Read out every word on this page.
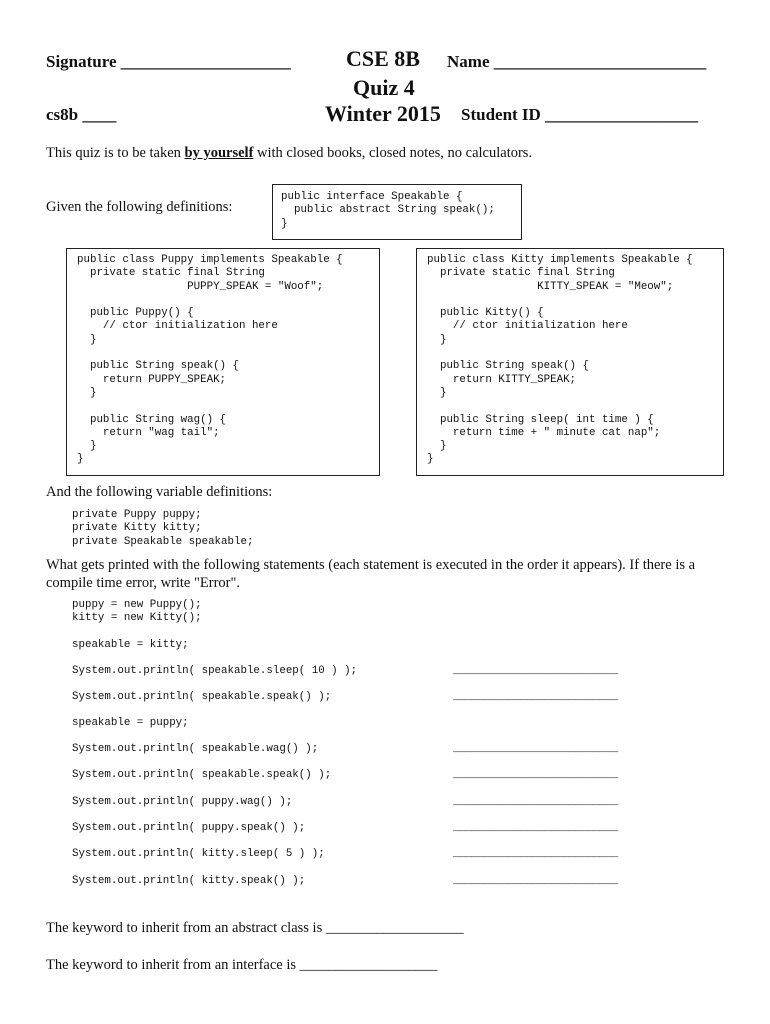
Signature ____________________
cs8b ____
CSE 8B
Quiz 4
Winter 2015
Name _________________________
Student ID __________________
This quiz is to be taken by yourself with closed books, closed notes, no calculators.
Given the following definitions:
public interface Speakable {
public abstract String speak();
}
public class Puppy implements Speakable {
private static final String
PUPPY_SPEAK = "Woof";

public Puppy() {
// ctor initialization here
}

public String speak() {
return PUPPY_SPEAK;
}

public String wag() {
return "wag tail";
}
}
public class Kitty implements Speakable {
private static final String
KITTY_SPEAK = "Meow";

public Kitty() {
// ctor initialization here
}

public String speak() {
return KITTY_SPEAK;
}

public String sleep( int time ) {
return time + " minute cat nap";
}
}
And the following variable definitions:
private Puppy puppy;
private Kitty kitty;
private Speakable speakable;
What gets printed with the following statements (each statement is executed in the order it appears). If there is a
compile time error, write "Error".
puppy = new Puppy();
kitty = new Kitty();
speakable = kitty;
System.out.println( speakable.sleep( 10 ) );	___________________________
System.out.println( speakable.speak() );	___________________________
speakable = puppy;
System.out.println( speakable.wag() );	___________________________
System.out.println( speakable.speak() );	___________________________
System.out.println( puppy.wag() );	___________________________
System.out.println( puppy.speak() );	___________________________
System.out.println( kitty.sleep( 5 ) );	___________________________
System.out.println( kitty.speak() );	___________________________
The keyword to inherit from an abstract class is ___________________
The keyword to inherit from an interface is ___________________
